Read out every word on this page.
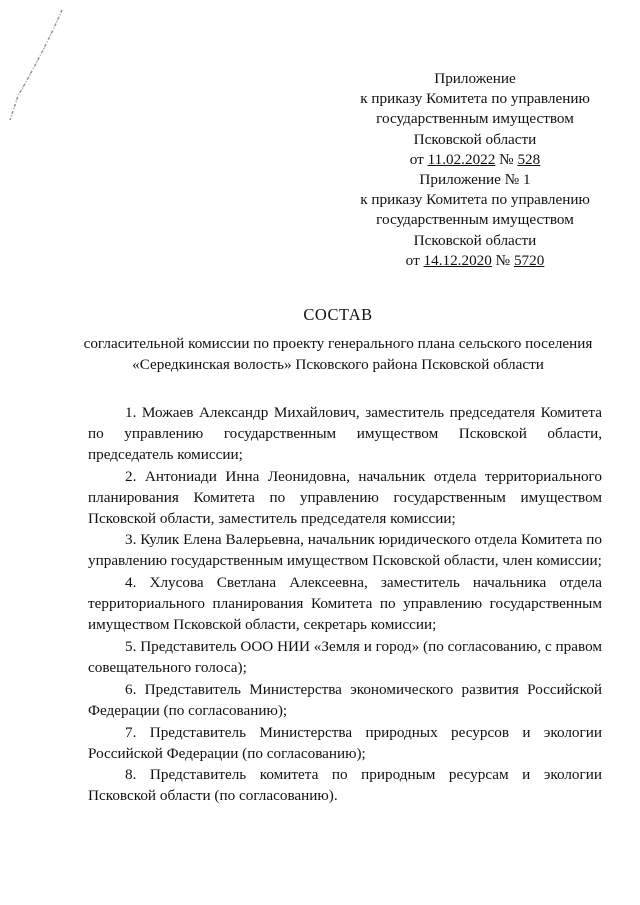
Приложение
к приказу Комитета по управлению
государственным имуществом
Псковской области
от 11.02.2022 № 528
Приложение № 1
к приказу Комитета по управлению
государственным имуществом
Псковской области
от 14.12.2020 № 5720
СОСТАВ
согласительной комиссии по проекту генерального плана сельского поселения
«Середкинская волость» Псковского района Псковской области

1. Можаев Александр Михайлович, заместитель председателя Комитета по управлению государственным имуществом Псковской области, председатель комиссии;

2. Антониади Инна Леонидовна, начальник отдела территориального планирования Комитета по управлению государственным имуществом Псковской области, заместитель председателя комиссии;

3. Кулик Елена Валерьевна, начальник юридического отдела Комитета по управлению государственным имуществом Псковской области, член комиссии;

4. Хлусова Светлана Алексеевна, заместитель начальника отдела территориального планирования Комитета по управлению государственным имуществом Псковской области, секретарь комиссии;

5. Представитель ООО НИИ «Земля и город» (по согласованию, с правом совещательного голоса);

6. Представитель Министерства экономического развития Российской Федерации (по согласованию);

7. Представитель Министерства природных ресурсов и экологии Российской Федерации (по согласованию);

8. Представитель комитета по природным ресурсам и экологии Псковской области (по согласованию).
